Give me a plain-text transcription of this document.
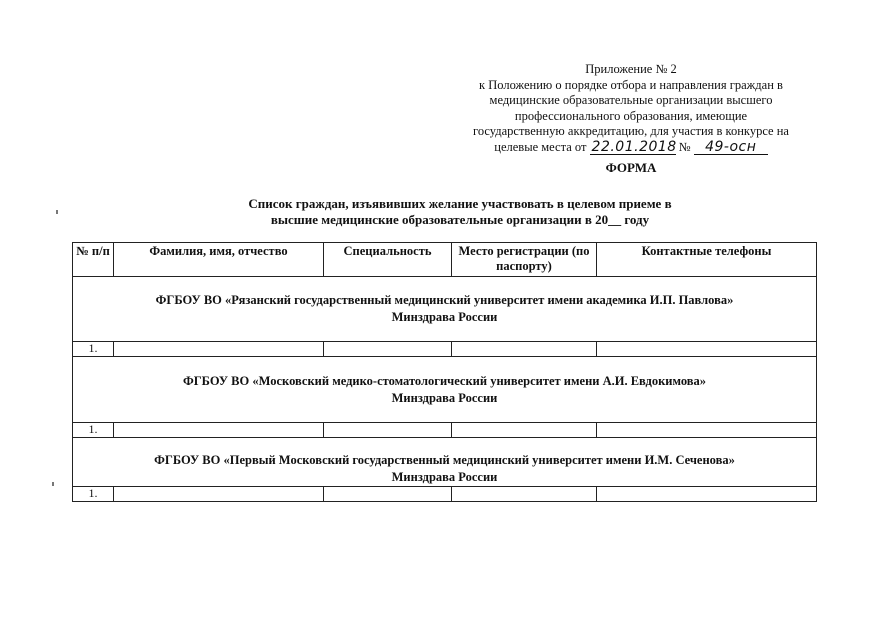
Приложение № 2
к Положению о порядке отбора и направления граждан в
медицинские образовательные организации высшего
профессионального образования, имеющие
государственную аккредитацию, для участия в конкурсе на
целевые места от 22.01.2018 № 49-осн
ФОРМА
Список граждан, изъявивших желание участвовать в целевом приеме в
высшие медицинские образовательные организации в 20__ году
№ п/п	Фамилия, имя, отчество	Специальность	Место регистрации (по паспорту)	Контактные телефоны

ФГБОУ ВО «Рязанский государственный медицинский университет имени академика И.П. Павлова»
Минздрава России				

1.				

ФГБОУ ВО «Московский медико-стоматологический университет имени А.И. Евдокимова»
Минздрава России				

1.				

ФГБОУ ВО «Первый Московский государственный медицинский университет имени И.М. Сеченова»
Минздрава России				

1.				
